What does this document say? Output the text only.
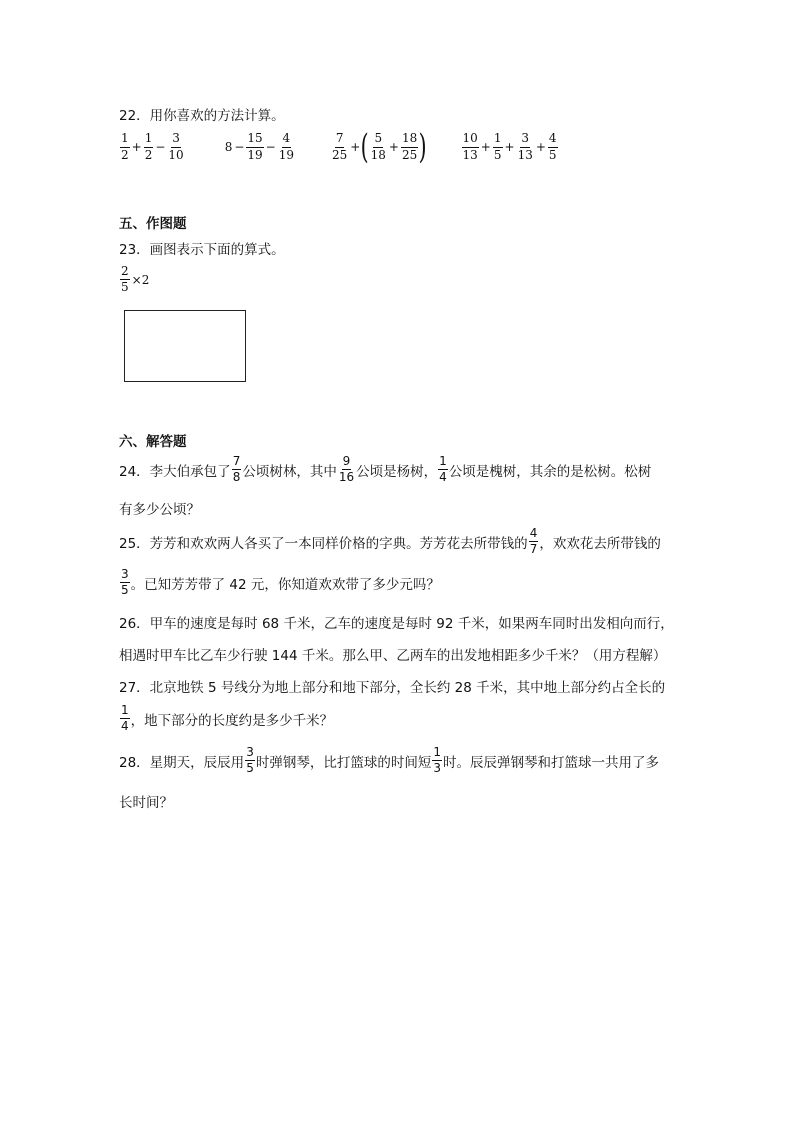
22．用你喜欢的方法计算。
$\frac{1}{2} + \frac{1}{2} - \frac{3}{10}$	$8 - \frac{15}{19} - \frac{4}{19}$	$\frac{7}{25}$ + ( $\frac{5}{18} + \frac{18}{25}$ )	$\frac{10}{13} + \frac{1}{5} + \frac{3}{13} + \frac{4}{5}$
五、作图题
23．画图表示下面的算式。
$\frac{2}{5} \times 2$
六、解答题
24．李大伯承包了 $\frac{7}{8}$ 公顷树林，其中 $\frac{9}{16}$ 公顷是杨树， $\frac{1}{4}$ 公顷是槐树，其余的是松树。松树
有多少公顷？
25．芳芳和欢欢两人各买了一本同样价格的字典。芳芳花去所带钱的 $\frac{4}{7}$ ，欢欢花去所带钱的
$\frac{3}{5}$ 。已知芳芳带了 42 元，你知道欢欢带了多少元吗？
26．甲车的速度是每时 68 千米，乙车的速度是每时 92 千米，如果两车同时出发相向而行，
相遇时甲车比乙车少行驶 144 千米。那么甲、乙两车的出发地相距多少千米？（用方程解）
27．北京地铁 5 号线分为地上部分和地下部分，全长约 28 千米，其中地上部分约占全长的
$\frac{1}{4}$ ，地下部分的长度约是多少千米？
28．星期天，辰辰用 $\frac{3}{5}$ 时弹钢琴，比打篮球的时间短 $\frac{1}{3}$ 时。辰辰弹钢琴和打篮球一共用了多
长时间？
